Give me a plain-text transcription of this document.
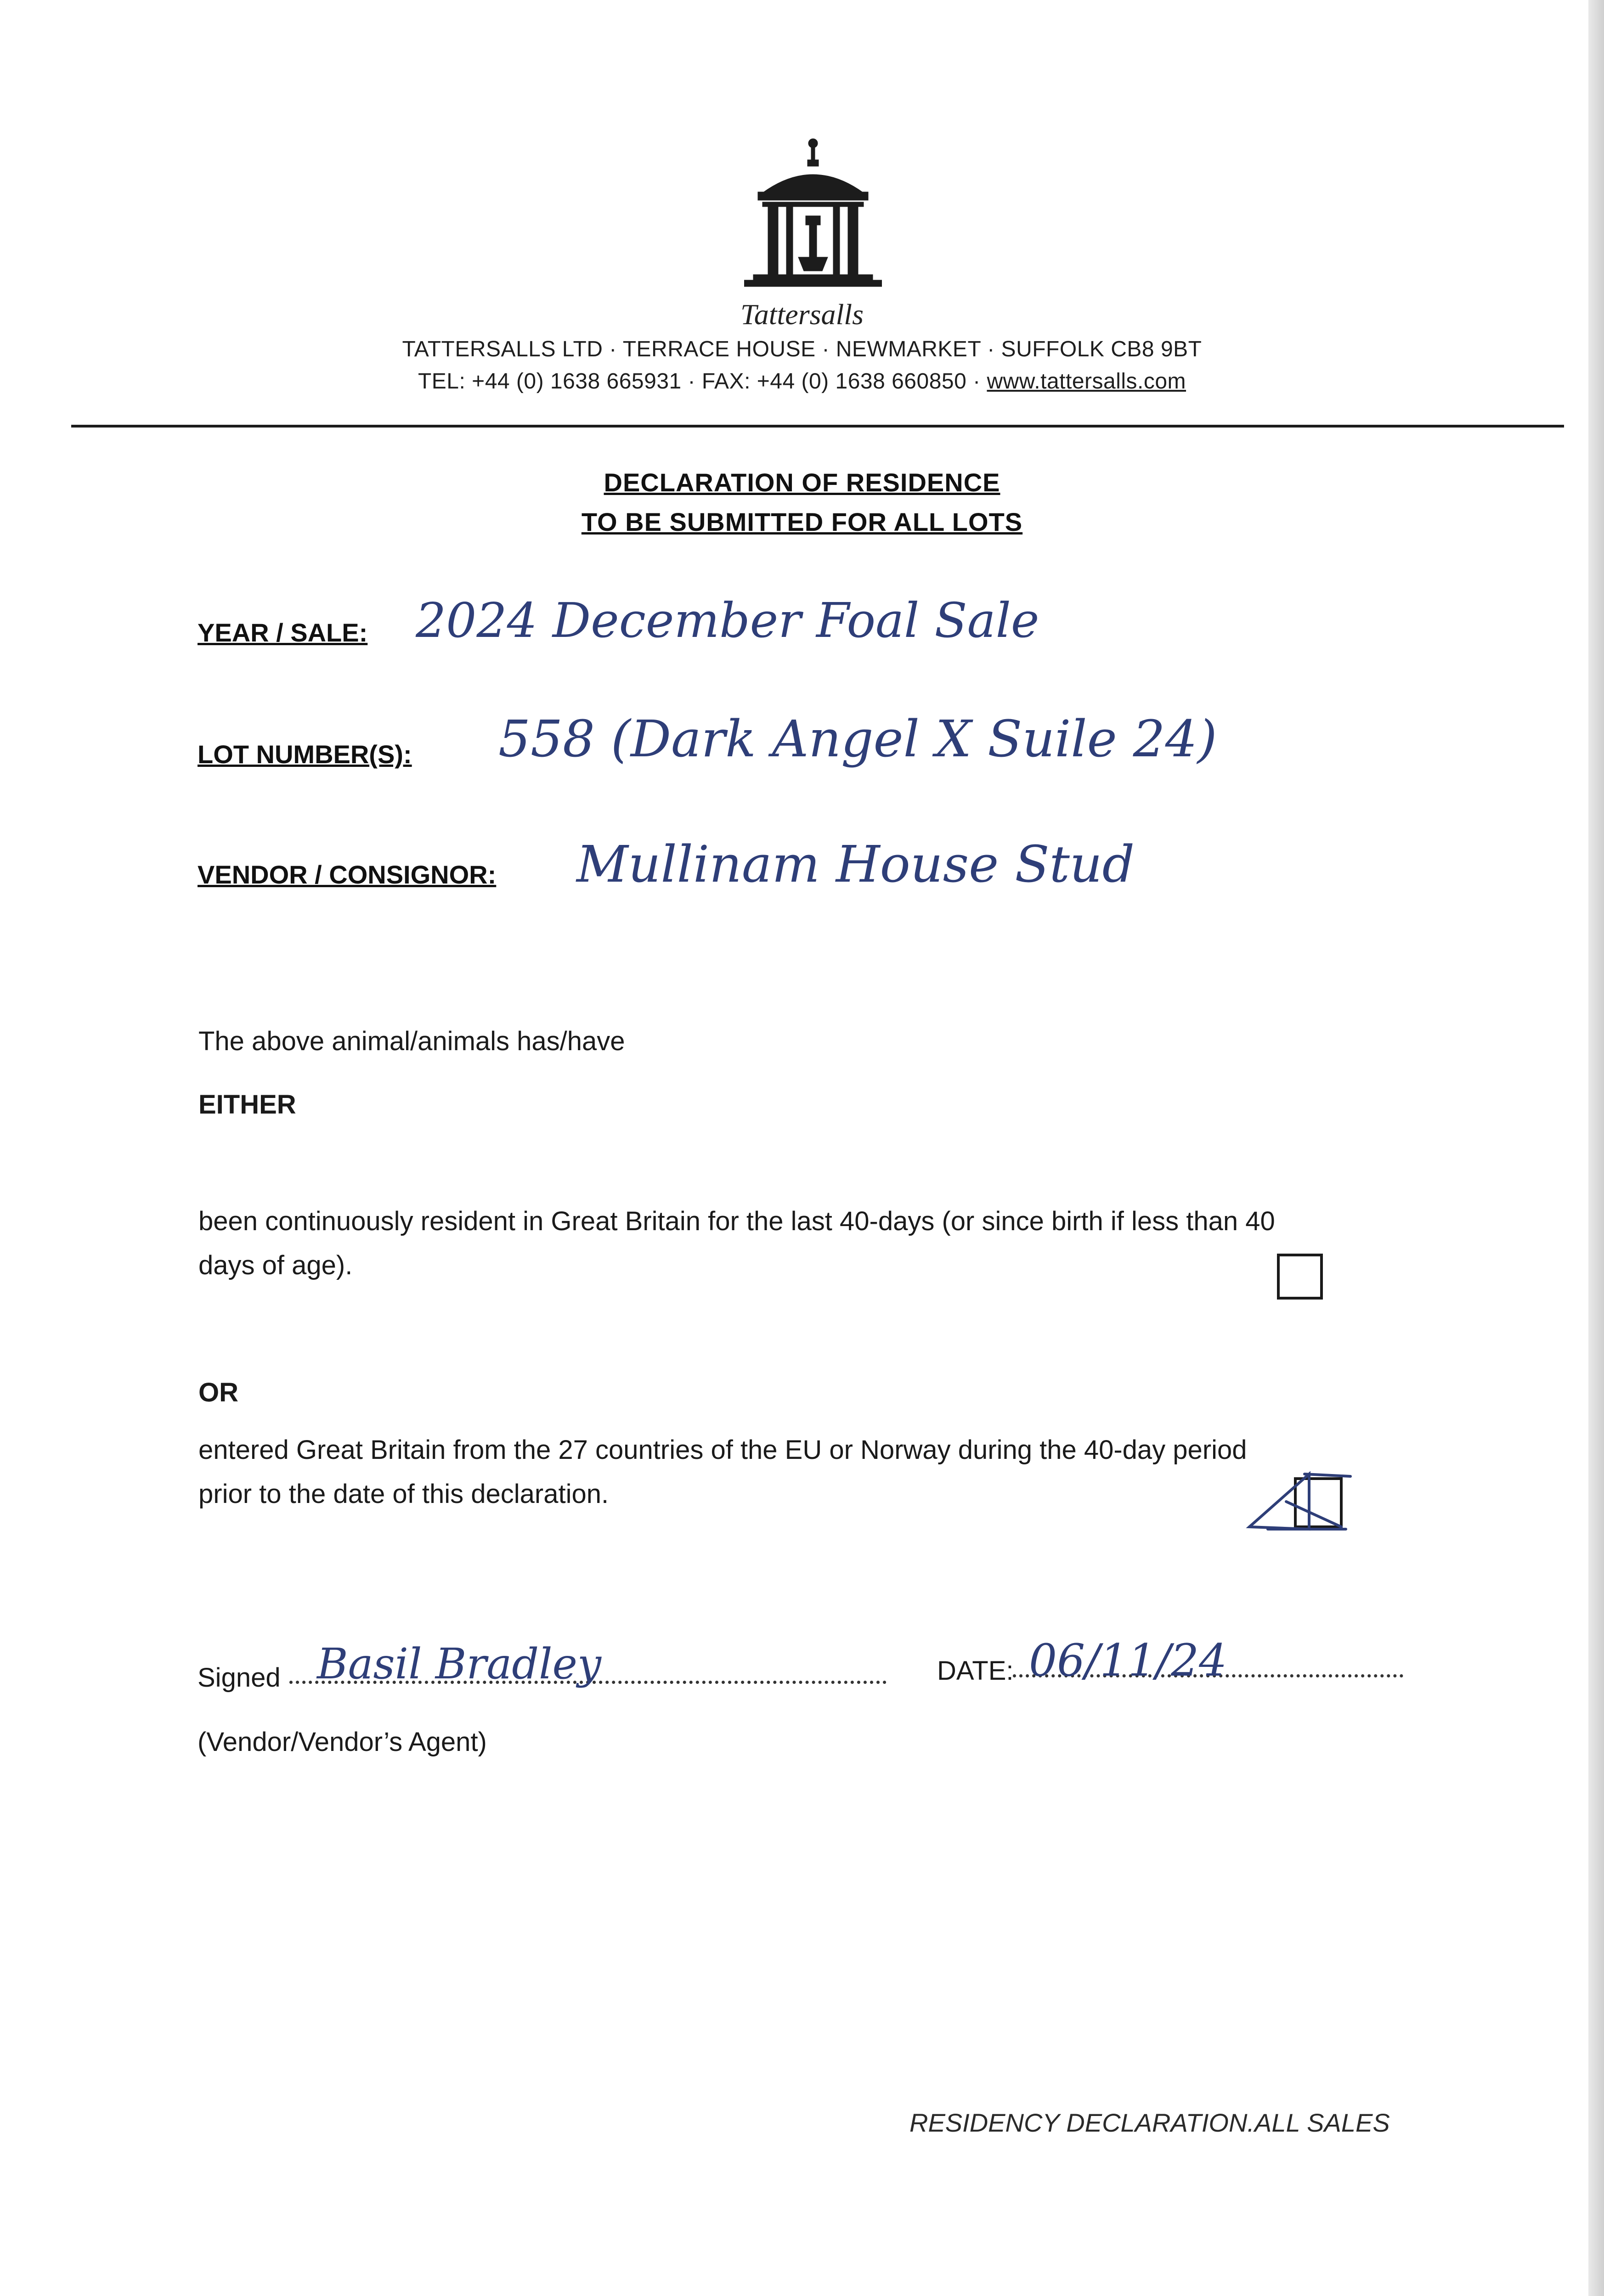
Tattersalls
TATTERSALLS LTD · TERRACE HOUSE · NEWMARKET · SUFFOLK CB8 9BT
TEL: +44 (0) 1638 665931 · FAX: +44 (0) 1638 660850 · www.tattersalls.com
DECLARATION OF RESIDENCE
TO BE SUBMITTED FOR ALL LOTS
YEAR / SALE: 2024 December Foal Sale
LOT NUMBER(S): 558 (Dark Angel X Suile 24)
VENDOR / CONSIGNOR: Mullinam House Stud
The above animal/animals has/have
EITHER
been continuously resident in Great Britain for the last 40-days (or since birth if less than 40
days of age).
OR
entered Great Britain from the 27 countries of the EU or Norway during the 40-day period
prior to the date of this declaration.
Signed Basil Bradley	DATE: 06/11/24
(Vendor/Vendor’s Agent)
RESIDENCY DECLARATION.ALL SALES
